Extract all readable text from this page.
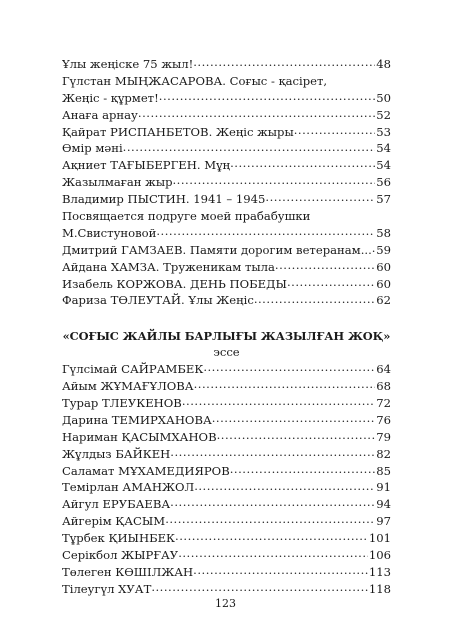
Ұлы жеңіске 75 жыл! .....	48
Гүлстан МЫҢЖАСАРОВА. Соғыс - қасірет,
Жеңіс - құрмет! .....	50
Анаға арнау .....	52
Қайрат РИСПАНБЕТОВ. Жеңіс жыры .....	53
Өмір мәні .....	54
Ақниет ТАҒЫБЕРГЕН. Мұң .....	54
Жазылмаған жыр .....	56
Владимир ПЫСТИН. 1941 – 1945 .....	57
Посвящается подруге моей прабабушки
М.Свистуновой .....	58
Дмитрий ГАМЗАЕВ. Памяти дорогим ветеранам... ..... 59
Айдана ХАМЗА. Труженикам тыла .....	60
Изабель КОРЖОВА. ДЕНЬ ПОБЕДЫ .....	60
Фариза ТӨЛЕУТАЙ. Ұлы Жеңіс .....	62
«СОҒЫС ЖАЙЛЫ БАРЛЫҒЫ ЖАЗЫЛҒАН ЖОҚ»
эссе
Гүлсімай САЙРАМБЕК .....	64
Айым ЖҰМАҒҰЛОВА .....	68
Турар ТЛЕУКЕНОВ .....	72
Дарина ТЕМИРХАНОВА .....	76
Нариман ҚАСЫМХАНОВ .....	79
Жұлдыз БАЙКЕН .....	82
Саламат МҰХАМЕДИЯРОВ .....	85
Темірлан АМАНЖОЛ .....	91
Айгул ЕРУБАЕВА .....	94
Айгерім ҚАСЫМ .....	97
Тұрбек ҚИЫНБЕК .....	101
Серікбол ЖЫРҒАУ .....	106
Төлеген КӨШІЛЖАН .....	113
Тілеугүл ХУАТ .....	118
123
